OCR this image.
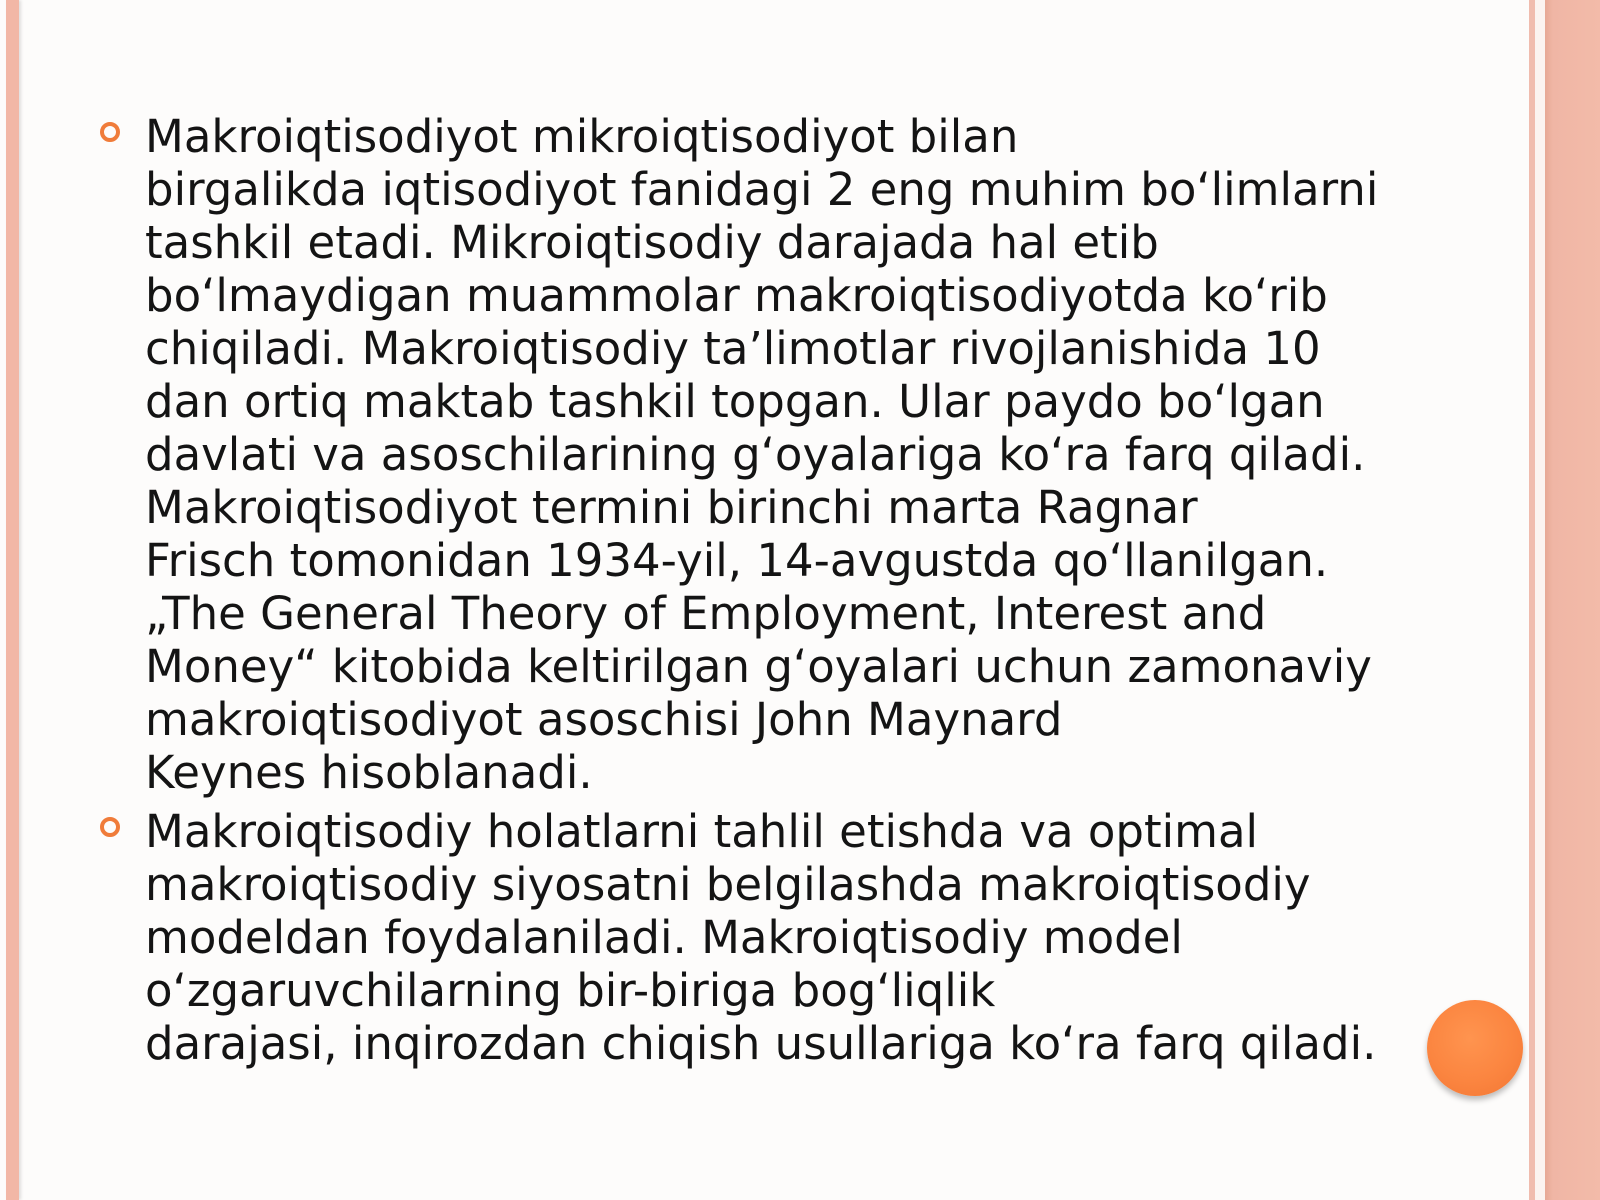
Makroiqtisodiyot mikroiqtisodiyot bilan
birgalikda iqtisodiyot fanidagi 2 eng muhim boʻlimlarni
tashkil etadi. Mikroiqtisodiy darajada hal etib
boʻlmaydigan muammolar makroiqtisodiyotda koʻrib
chiqiladi. Makroiqtisodiy taʼlimotlar rivojlanishida 10
dan ortiq maktab tashkil topgan. Ular paydo boʻlgan
davlati va asoschilarining gʻoyalariga koʻra farq qiladi.
Makroiqtisodiyot termini birinchi marta Ragnar
Frisch tomonidan 1934-yil, 14-avgustda qoʻllanilgan.
„The General Theory of Employment, Interest and
Money“ kitobida keltirilgan gʻoyalari uchun zamonaviy
makroiqtisodiyot asoschisi John Maynard
Keynes hisoblanadi.
Makroiqtisodiy holatlarni tahlil etishda va optimal
makroiqtisodiy siyosatni belgilashda makroiqtisodiy
modeldan foydalaniladi. Makroiqtisodiy model
oʻzgaruvchilarning bir-biriga bogʻliqlik
darajasi, inqirozdan chiqish usullariga koʻra farq qiladi.
